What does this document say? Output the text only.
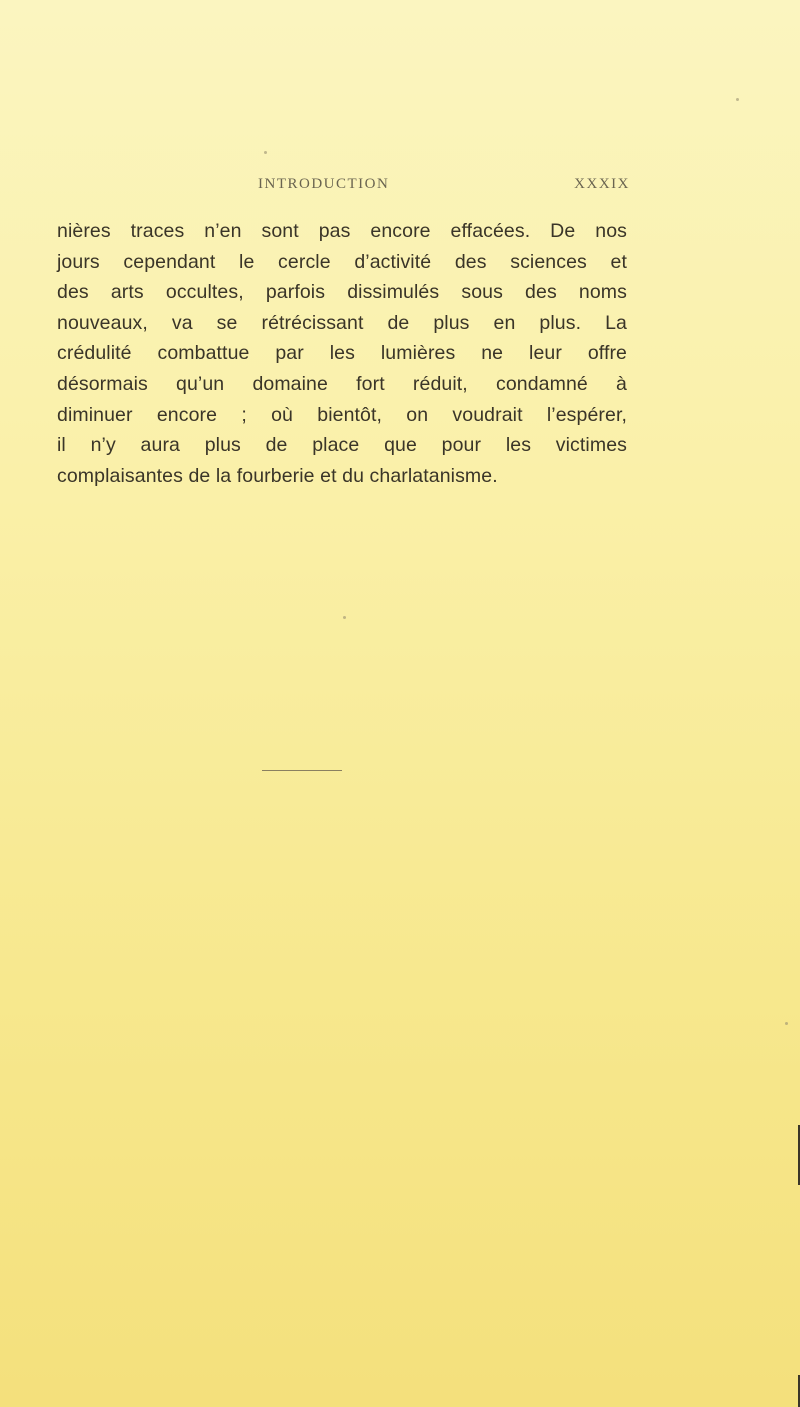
INTRODUCTION	XXXIX
nières traces n’en sont pas encore effacées. De nos
jours cependant le cercle d’activité des sciences et
des arts occultes, parfois dissimulés sous des noms
nouveaux, va se rétrécissant de plus en plus. La
crédulité combattue par les lumières ne leur offre
désormais qu’un domaine fort réduit, condamné à
diminuer encore ; où bientôt, on voudrait l’espérer,
il n’y aura plus de place que pour les victimes
complaisantes de la fourberie et du charlatanisme.
